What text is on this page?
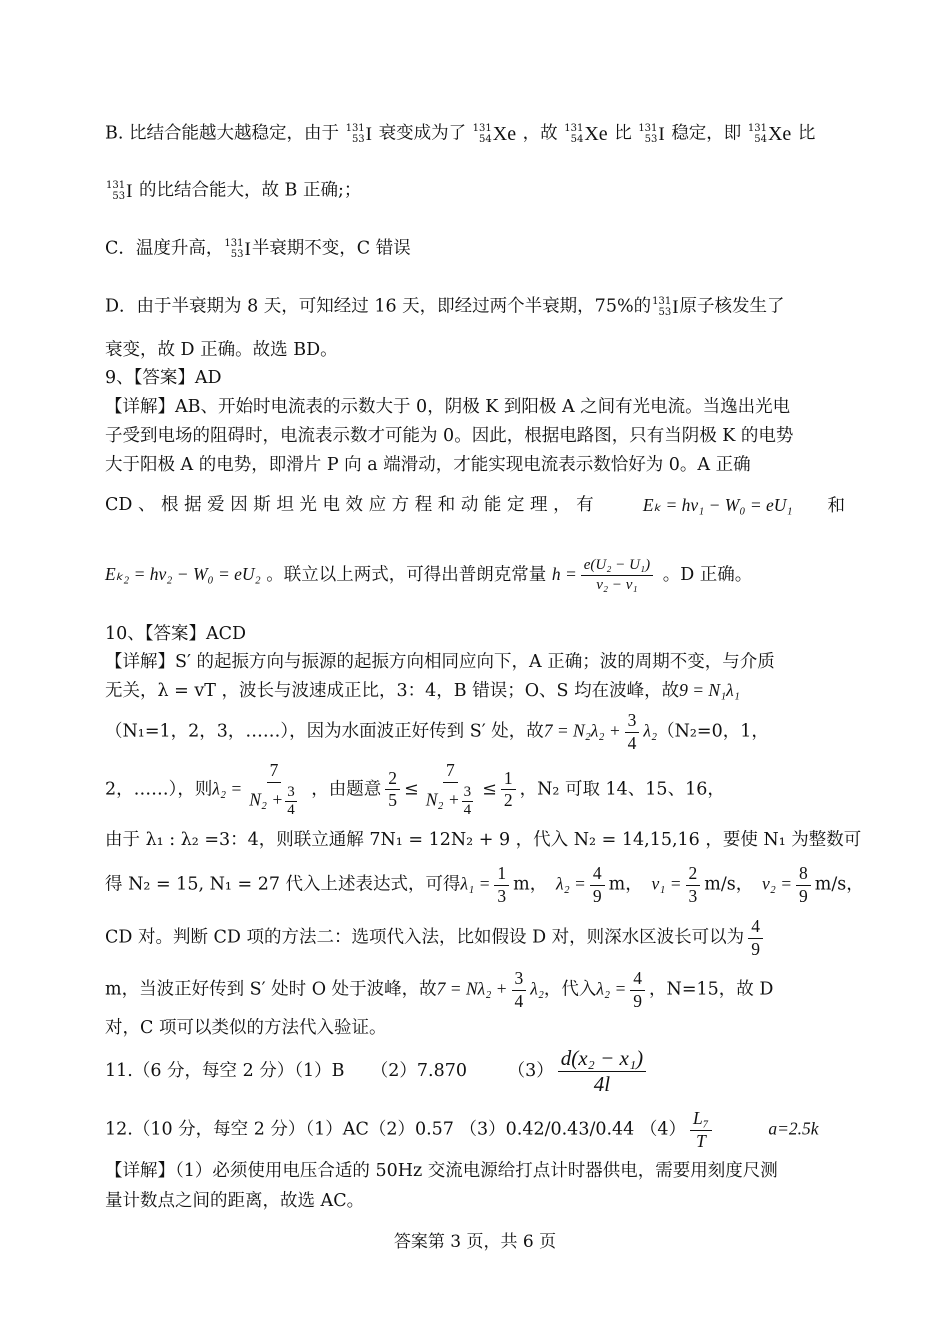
B. 比结合能越大越稳定，由于 131
53 I 衰变成为了 131
54 Xe ，故 131
54 Xe 比 131
53 I 稳定，即 131
54 Xe 比
131
53 I 的比结合能大，故 B 正确;；
C．温度升高， 131
53 I 半衰期不变，C 错误
D．由于半衰期为 8 天，可知经过 16 天，即经过两个半衰期，75%的 131
53 I 原子核发生了
衰变，故 D 正确。故选 BD。
9、【答案】AD
【详解】AB、开始时电流表的示数大于 0，阴极 K 到阳极 A 之间有光电流。当逸出光电
子受到电场的阻碍时，电流表示数才可能为 0。因此，根据电路图，只有当阴极 K 的电势
大于阳极 A 的电势，即滑片 P 向 a 端滑动，才能实现电流表示数恰好为 0。A 正确
CD 、 根 据 爱 因 斯 坦 光 电 效 应 方 程 和 动 能 定 理 ， 有	Eₖ = hν₁ − W₀ = eU₁　　 和
Eₖ₂ = hν₂ − W₀ = eU₂ 。联立以上两式，可得出普朗克常量 $h = \frac{\text{e(U₂ − U₁)}}{\text{ν₂ − ν₁}}$ 。D 正确。
10、【答案】ACD
【详解】S′ 的起振方向与振源的起振方向相同应向下，A 正确；波的周期不变，与介质
无关，λ = vT ，波长与波速成正比，3：4，B 错误；O、S 均在波峰，故9 = N₁λ₁
（N₁=1，2，3，……），因为水面波正好传到 S′ 处，故$7 = N_2\lambda_2 + \frac{3}{4} \lambda_2(N_2=0$，1，
2，……），则$\lambda_2 = \frac{7}{N_2 + \frac{3}{4}}$ ，由题意 $\frac{2}{5} \le \frac{7}{N_2 + \frac{3}{4}} \le \frac{1}{2}$ ，N₂ 可取 14、15、16，
由于 λ₁ : λ₂ =3：4，则联立通解 7N₁ = 12N₂ + 9 ，代入 N₂ = 14,15,16 ，要使 N₁ 为整数可
得 N₂ = 15, N₁ = 27 代入上述表达式，可得$\lambda_1 = \frac{1}{3}$ m，　 $\lambda_2 = \frac{4}{9}$ m，　 $\nu_1 = \frac{2}{3} m/s$，　 $\nu_2 = \frac{8}{9} m/s$，
CD 对。判断 CD 项的方法二：选项代入法，比如假设 D 对，则深水区波长可以为 $\frac{4}{9}$
m，当波正好传到 S′ 处时 O 处于波峰，故$7 = N\lambda_2 + \frac{3}{4} \lambda_2$，代入$\lambda_2 = \frac{4}{9}$ ，N=15，故 D
对，C 项可以类似的方法代入验证。
11.（6 分，每空 2 分）（1）B　　（2）7.870　　 $(3) \frac{\text{d(x₂ − x₁)}}{4l}$
12.（10 分，每空 2 分）（1）AC（2）0.57 （3）0.42/0.43/0.44 $(4) \frac{\text{L₇}}{T}$
　　　	a=2.5k
【详解】（1）必须使用电压合适的 50Hz 交流电源给打点计时器供电，需要用刻度尺测
量计数点之间的距离，故选 AC。
答案第 3 页，共 6 页
